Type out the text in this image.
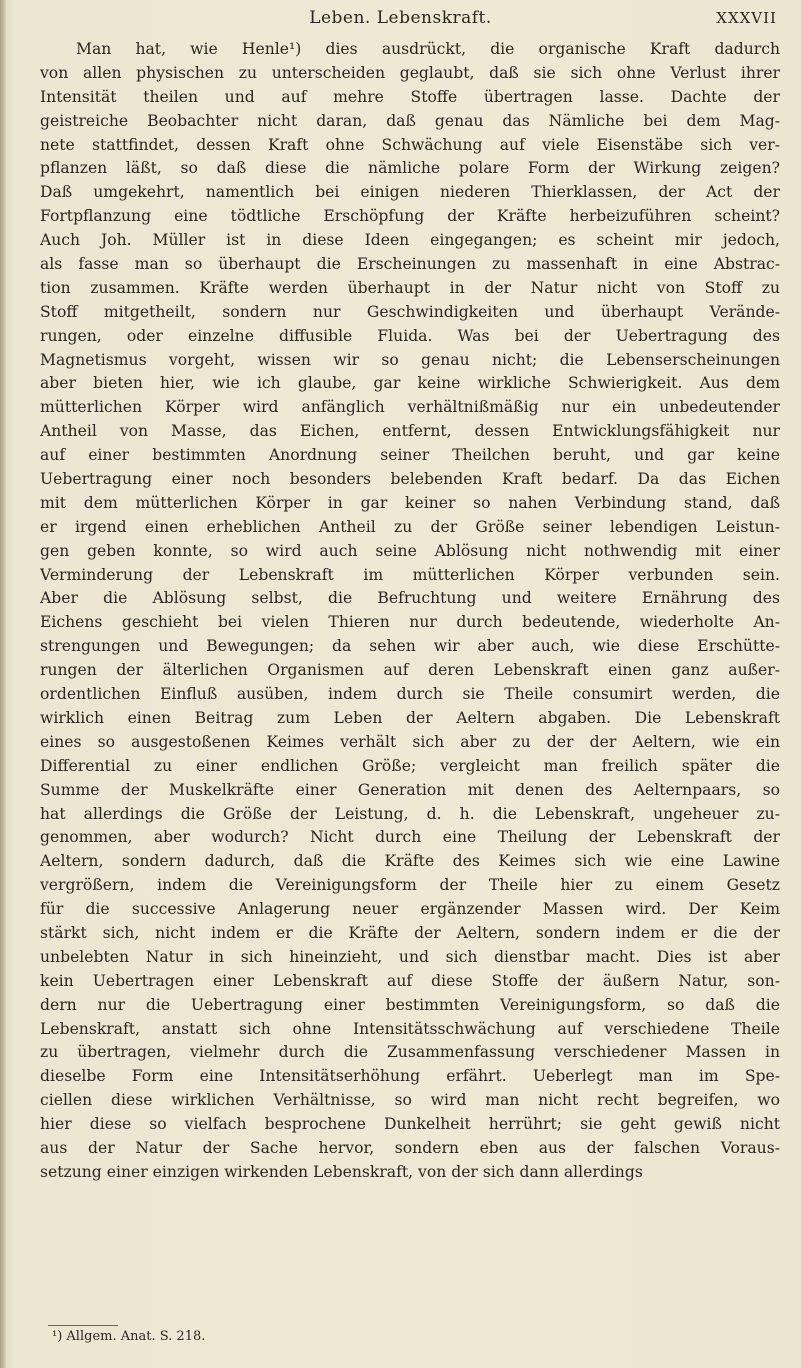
Leben. Lebenskraft.	XXXVII
Man hat, wie Henle¹) dies ausdrückt, die organische Kraft dadurch
von allen physischen zu unterscheiden geglaubt, daß sie sich ohne Verlust ihrer
Intensität theilen und auf mehre Stoffe übertragen lasse. Dachte der
geistreiche Beobachter nicht daran, daß genau das Nämliche bei dem Mag-
nete stattfindet, dessen Kraft ohne Schwächung auf viele Eisenstäbe sich ver-
pflanzen läßt, so daß diese die nämliche polare Form der Wirkung zeigen?
Daß umgekehrt, namentlich bei einigen niederen Thierklassen, der Act der
Fortpflanzung eine tödtliche Erschöpfung der Kräfte herbeizuführen scheint?
Auch Joh. Müller ist in diese Ideen eingegangen; es scheint mir jedoch,
als fasse man so überhaupt die Erscheinungen zu massenhaft in eine Abstrac-
tion zusammen. Kräfte werden überhaupt in der Natur nicht von Stoff zu
Stoff mitgetheilt, sondern nur Geschwindigkeiten und überhaupt Verände-
rungen, oder einzelne diffusible Fluida. Was bei der Uebertragung des
Magnetismus vorgeht, wissen wir so genau nicht; die Lebenserscheinungen
aber bieten hier, wie ich glaube, gar keine wirkliche Schwierigkeit. Aus dem
mütterlichen Körper wird anfänglich verhältnißmäßig nur ein unbedeutender
Antheil von Masse, das Eichen, entfernt, dessen Entwicklungsfähigkeit nur
auf einer bestimmten Anordnung seiner Theilchen beruht, und gar keine
Uebertragung einer noch besonders belebenden Kraft bedarf. Da das Eichen
mit dem mütterlichen Körper in gar keiner so nahen Verbindung stand, daß
er irgend einen erheblichen Antheil zu der Größe seiner lebendigen Leistun-
gen geben konnte, so wird auch seine Ablösung nicht nothwendig mit einer
Verminderung der Lebenskraft im mütterlichen Körper verbunden sein.
Aber die Ablösung selbst, die Befruchtung und weitere Ernährung des
Eichens geschieht bei vielen Thieren nur durch bedeutende, wiederholte An-
strengungen und Bewegungen; da sehen wir aber auch, wie diese Erschütte-
rungen der älterlichen Organismen auf deren Lebenskraft einen ganz außer-
ordentlichen Einfluß ausüben, indem durch sie Theile consumirt werden, die
wirklich einen Beitrag zum Leben der Aeltern abgaben. Die Lebenskraft
eines so ausgestoßenen Keimes verhält sich aber zu der der Aeltern, wie ein
Differential zu einer endlichen Größe; vergleicht man freilich später die
Summe der Muskelkräfte einer Generation mit denen des Aelternpaars, so
hat allerdings die Größe der Leistung, d. h. die Lebenskraft, ungeheuer zu-
genommen, aber wodurch? Nicht durch eine Theilung der Lebenskraft der
Aeltern, sondern dadurch, daß die Kräfte des Keimes sich wie eine Lawine
vergrößern, indem die Vereinigungsform der Theile hier zu einem Gesetz
für die successive Anlagerung neuer ergänzender Massen wird. Der Keim
stärkt sich, nicht indem er die Kräfte der Aeltern, sondern indem er die der
unbelebten Natur in sich hineinzieht, und sich dienstbar macht. Dies ist aber
kein Uebertragen einer Lebenskraft auf diese Stoffe der äußern Natur, son-
dern nur die Uebertragung einer bestimmten Vereinigungsform, so daß die
Lebenskraft, anstatt sich ohne Intensitätsschwächung auf verschiedene Theile
zu übertragen, vielmehr durch die Zusammenfassung verschiedener Massen in
dieselbe Form eine Intensitätserhöhung erfährt. Ueberlegt man im Spe-
ciellen diese wirklichen Verhältnisse, so wird man nicht recht begreifen, wo
hier diese so vielfach besprochene Dunkelheit herrührt; sie geht gewiß nicht
aus der Natur der Sache hervor, sondern eben aus der falschen Voraus-
setzung einer einzigen wirkenden Lebenskraft, von der sich dann allerdings
¹) Allgem. Anat. S. 218.
